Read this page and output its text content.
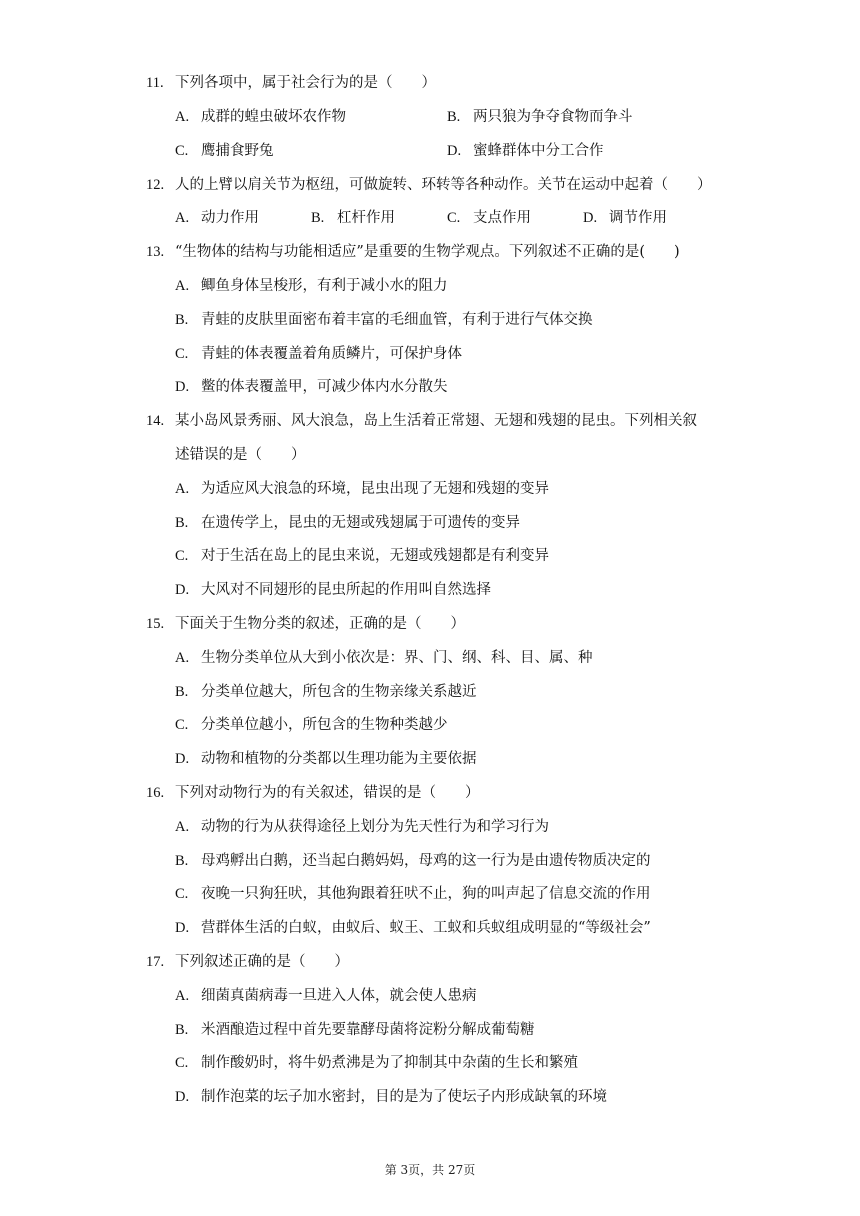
11. 下列各项中，属于社会行为的是（　　）
A. 成群的蝗虫破坏农作物	B. 两只狼为争夺食物而争斗
C. 鹰捕食野兔	D. 蜜蜂群体中分工合作
12. 人的上臂以肩关节为枢纽，可做旋转、环转等各种动作。关节在运动中起着（　　）
A. 动力作用	B. 杠杆作用	C. 支点作用	D. 调节作用
13. “生物体的结构与功能相适应”是重要的生物学观点。下列叙述不正确的是(　　)
A. 鲫鱼身体呈梭形，有利于减小水的阻力
B. 青蛙的皮肤里面密布着丰富的毛细血管，有利于进行气体交换
C. 青蛙的体表覆盖着角质鳞片，可保护身体
D. 鳖的体表覆盖甲，可减少体内水分散失
14. 某小岛风景秀丽、风大浪急，岛上生活着正常翅、无翅和残翅的昆虫。下列相关叙
述错误的是（　　）
A. 为适应风大浪急的环境，昆虫出现了无翅和残翅的变异
B. 在遗传学上，昆虫的无翅或残翅属于可遗传的变异
C. 对于生活在岛上的昆虫来说，无翅或残翅都是有利变异
D. 大风对不同翅形的昆虫所起的作用叫自然选择
15. 下面关于生物分类的叙述，正确的是（　　）
A. 生物分类单位从大到小依次是：界、门、纲、科、目、属、种
B. 分类单位越大，所包含的生物亲缘关系越近
C. 分类单位越小，所包含的生物种类越少
D. 动物和植物的分类都以生理功能为主要依据
16. 下列对动物行为的有关叙述，错误的是（　　）
A. 动物的行为从获得途径上划分为先天性行为和学习行为
B. 母鸡孵出白鹅，还当起白鹅妈妈，母鸡的这一行为是由遗传物质决定的
C. 夜晚一只狗狂吠，其他狗跟着狂吠不止，狗的叫声起了信息交流的作用
D. 营群体生活的白蚁，由蚁后、蚁王、工蚁和兵蚁组成明显的“等级社会”
17. 下列叙述正确的是（　　）
A. 细菌真菌病毒一旦进入人体，就会使人患病
B. 米酒酿造过程中首先要靠酵母菌将淀粉分解成葡萄糖
C. 制作酸奶时，将牛奶煮沸是为了抑制其中杂菌的生长和繁殖
D. 制作泡菜的坛子加水密封，目的是为了使坛子内形成缺氧的环境
第 3页，共 27页
